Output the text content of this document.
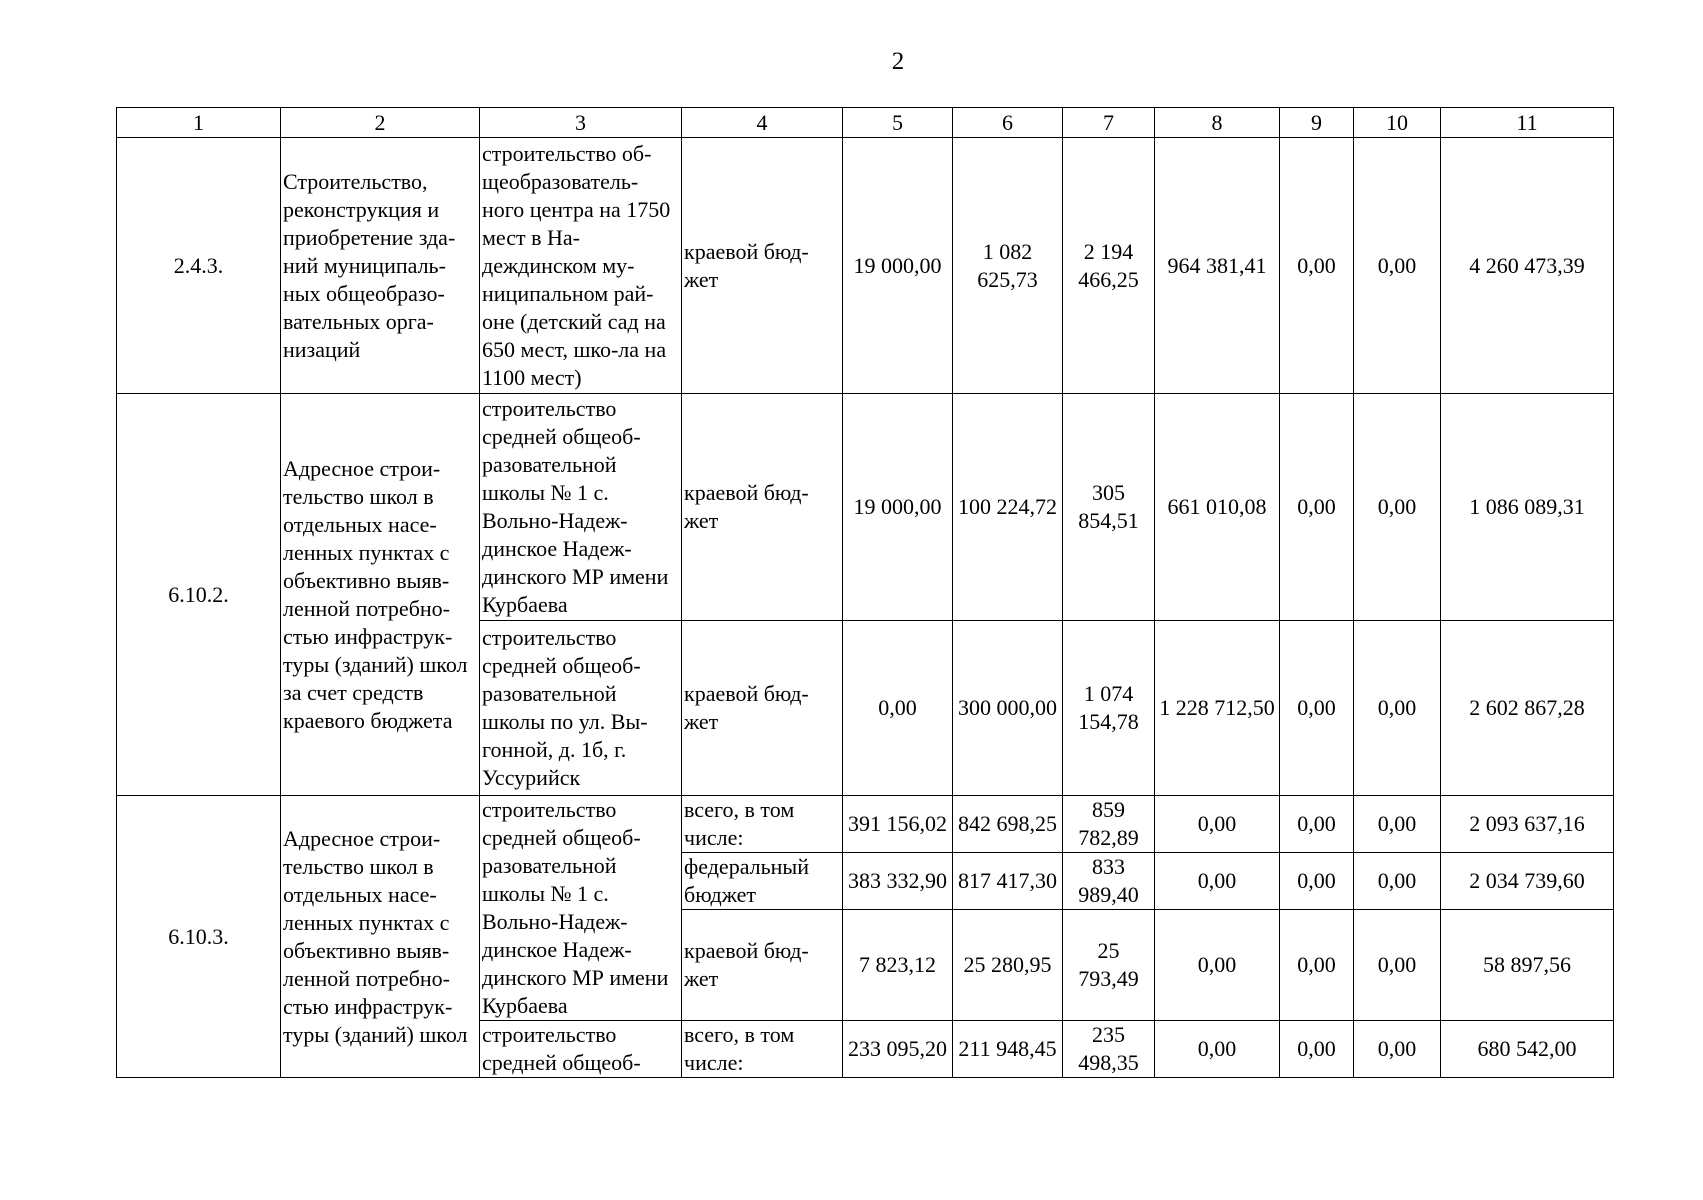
2
1	2	3	4	5	6	7	8	9	10	11
2.4.3.	Строительство, реконструкция и приобретение зда-ний муниципаль-ных общеобразо-вательных орга-низаций	строительство об-щеобразователь-ного центра на 1750 мест в На-деждинском му-ниципальном рай-оне (детский сад на 650 мест, шко-ла на 1100 мест)	краевой бюд-жет	19 000,00	1 082 625,73	2 194 466,25	964 381,41	0,00	0,00	4 260 473,39
6.10.2.	Адресное строи-тельство школ в отдельных насе-ленных пунктах с объективно выяв-ленной потребно-стью инфраструк-туры (зданий) школ за счет средств краевого бюджета	строительство средней общеоб-разовательной школы № 1 с. Вольно-Надеж-динское Надеж-динского МР имени Курбаева	краевой бюд-жет	19 000,00	100 224,72	305 854,51	661 010,08	0,00	0,00	1 086 089,31
		строительство средней общеоб-разовательной школы по ул. Вы-гонной, д. 1б, г. Уссурийск	краевой бюд-жет	0,00	300 000,00	1 074 154,78	1 228 712,50	0,00	0,00	2 602 867,28
6.10.3.	Адресное строи-тельство школ в отдельных насе-ленных пунктах с объективно выяв-ленной потребно-стью инфраструк-туры (зданий) школ	строительство средней общеоб-разовательной школы № 1 с. Вольно-Надеж-динское Надеж-динского МР имени Курбаева	всего, в том числе:	391 156,02	842 698,25	859 782,89	0,00	0,00	0,00	2 093 637,16
			федеральный бюджет	383 332,90	817 417,30	833 989,40	0,00	0,00	0,00	2 034 739,60
			краевой бюд-жет	7 823,12	25 280,95	25 793,49	0,00	0,00	0,00	58 897,56
		строительство средней общеоб-	всего, в том числе:	233 095,20	211 948,45	235 498,35	0,00	0,00	0,00	680 542,00
